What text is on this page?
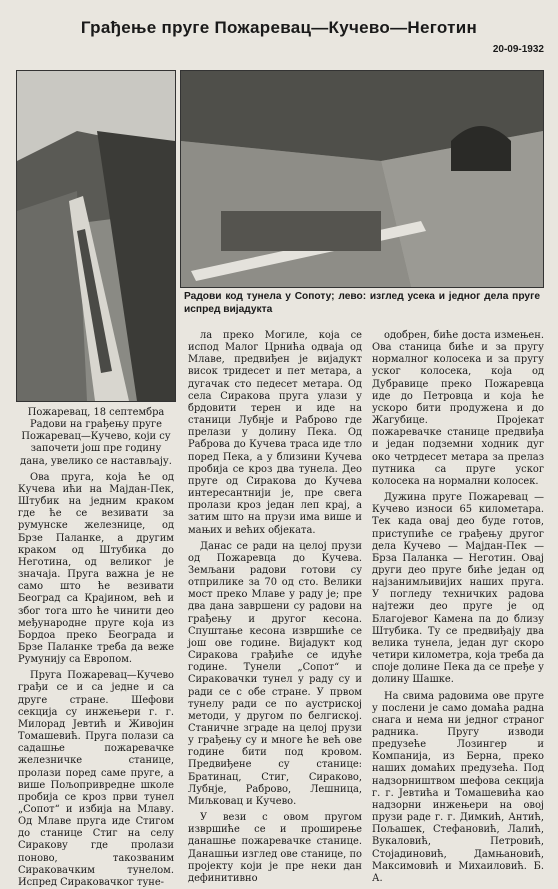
Грађење пруге Пожаревац—Кучево—Неготин
20-09-1932
Радови код тунела у Сопоту; лево: изглед усека и једног дела пруге испред вијадукта

Пожаревац, 18 септембра Радови на грађењу пруге Пожаревац—Кучево, који су започети још пре годину дана, увелико се настављају.

Ова пруга, која ће од Кучева ићи на Мајдан-Пек, Штубик на једним краком где ће се везивати за румунске железнице, од Брзе Паланке, а другим краком од Штубика до Неготина, од великог је значаја. Пруга важна је не само што ће везивати Београд са Крајином, већ и због тога што ће чинити део међународне пруге која из Бордоа преко Београда и Брзе Паланке треба да веже Румунију са Европом.

Пруга Пожаревац—Кучево грађи се и са једне и са друге стране. Шефови секција су инжењери г. г. Милорад Јевтић и Живојин Томашевић. Пруга полази са садашње пожаревачке железничке станице, пролази поред саме пруге, а више Пољопривредне школе пробија се кроз први тунел „Сопот“ и избија на Млаву. Од Млаве пруга иде Стигом до станице Стиг на селу Сиракову где пролази поново, такозваним Сираковачким тунелом. Испред Сираковачког туне-

ла преко Могиле, која се испод Малог Црнића одваја од Млаве, предвиђен је вијадукт висок тридесет и пет метара, а дугачак сто педесет метара. Од села Сиракова пруга улази у брдовити терен и иде на станици Лубнје и Раброво где прелази у долину Пека. Од Раброва до Кучева траса иде тло поред Пека, а у близини Кучева пробија се кроз два тунела. Део пруге од Сиракова до Кучева интересантнији је, пре свега пролази кроз један леп крај, а затим што на прузи има више и мањих и већих објеката.

Данас се ради на целој прузи од Пожаревца до Кучева. Земљани радови готови су отприлике за 70 од сто. Велики мост преко Млаве у раду је; пре два дана завршени су радови на грађењу и другог кесона. Спуштање кесона извршиће се још ове године. Вијадукт код Сиракова грађиће се идуће године. Тунели „Сопот“ и Сираковачки тунел у раду су и ради се с обе стране. У првом тунелу ради се по аустриској методи, у другом по белгиској. Станичне зграде на целој прузи у грађењу су и многе ће већ ове године бити под кровом. Предвиђене су станице: Братинац, Стиг, Сираково, Лубнје, Раброво, Лешница, Миљковац и Кучево.

У вези с овом пругом извршиће се и проширење данашње пожаревачке станице. Данашњи изглед ове станице, по пројекту који је пре неки дан дефинитивно

одобрен, биће доста измењен. Ова станица биће и за пругу нормалног колосека и за пругу уског колосека, која од Дубравице преко Пожаревца иде до Петровца и која ће ускоро бити продужена и до Жагубице. Пројекат пожаревачке станице предвиђа и један подземни ходник дуг око четрдесет метара за прелаз путника са пруге уског колосека на нормални колосек.

Дужина пруге Пожаревац — Кучево износи 65 километара. Тек када овај део буде готов, приступиће се грађењу другог дела Кучево — Мајдан-Пек — Брза Паланка — Неготин. Овај други део пруге биће један од најзанимљивијих наших пруга. У погледу техничких радова најтежи део пруге је од Благојевог Камена па до близу Штубика. Ту се предвиђају два велика тунела, један дуг скоро четири километра, која треба да споје долине Пека да се пређе у долину Шашке.

На свима радовима ове пруге у послени је само домаћа радна снага и нема ни једног страног радника. Пругу изводи предузеће Лозингер и Компанија, из Берна, преко наших домаћих предузећа. Под надзорништвом шефова секција г. г. Јевтића и Томашевића као надзорни инжењери на овој прузи раде г. г. Димкић, Антић, Пољашек, Стефановић, Лалић, Вукаловић, Петровић, Стојадиновић, Дамњановић, Максимовић и Михаиловић. Б. А.
